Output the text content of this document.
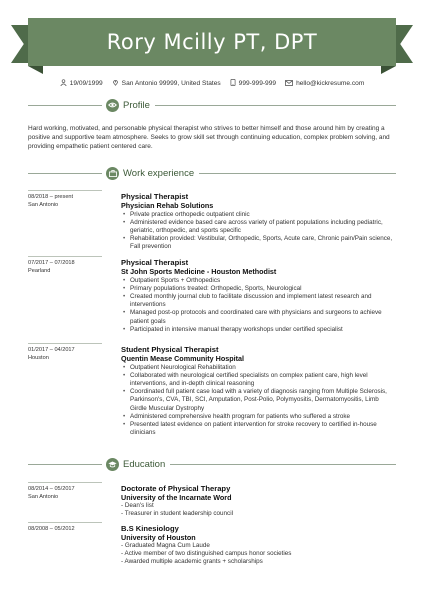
Rory Mcilly PT, DPT
19/09/1999	San Antonio 99999, United States	999-999-999	hello@kickresume.com
Profile

Hard working, motivated, and personable physical therapist who strives to better himself and those around him by creating a positive and supportive team atmosphere. Seeks to grow skill set through continuing education, complex problem solving, and providing empathetic patient centered care.

Work experience
08/2018 – present
San Antonio
Physical Therapist
Physician Rehab Solutions
• Private practice orthopedic outpatient clinic
• Administered evidence based care across variety of patient populations including pediatric, geriatric, orthopedic, and sports specific
• Rehabilitation provided: Vestibular, Orthopedic, Sports, Acute care, Chronic pain/Pain science, Fall prevention
07/2017 – 07/2018
Pearland
Physical Therapist
St John Sports Medicine - Houston Methodist
• Outpatient Sports + Orthopedics
• Primary populations treated: Orthopedic, Sports, Neurological
• Created monthly journal club to facilitate discussion and implement latest research and interventions
• Managed post-op protocols and coordinated care with physicians and surgeons to achieve patient goals
• Participated in intensive manual therapy workshops under certified specialist
01/2017 – 04/2017
Houston
Student Physical Therapist
Quentin Mease Community Hospital
• Outpatient Neurological Rehabilitation
• Collaborated with neurological certified specialists on complex patient care, high level interventions, and in-depth clinical reasoning
• Coordinated full patient case load with a variety of diagnosis ranging from Multiple Sclerosis, Parkinson's, CVA, TBI, SCI, Amputation, Post-Polio, Polymyositis, Dermatomyositis, Limb Girdle Muscular Dystrophy
• Administered comprehensive health program for patients who suffered a stroke
• Presented latest evidence on patient intervention for stroke recovery to certified in-house clinicians
Education
08/2014 – 05/2017
San Antonio
Doctorate of Physical Therapy
University of the Incarnate Word
- Dean's list
- Treasurer in student leadership council
08/2008 – 05/2012	B.S Kinesiology
University of Houston
- Graduated Magna Cum Laude
- Active member of two distinguished campus honor societies
- Awarded multiple academic grants + scholarships
